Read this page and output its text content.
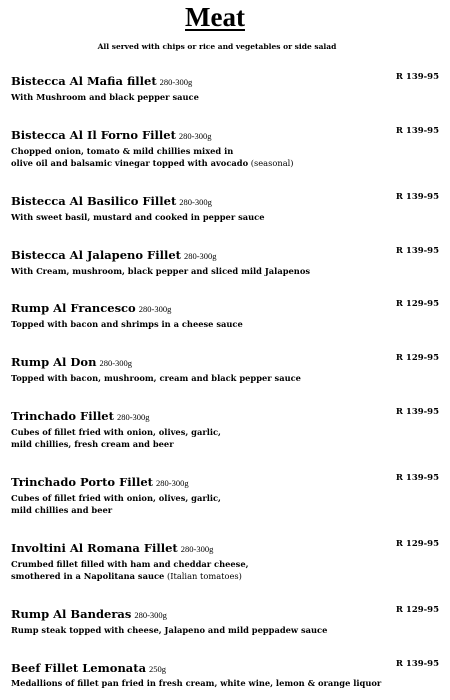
Meat

All served with chips or rice and vegetables or side salad

Bistecca Al Mafia fillet 280-300g	R 139-95
With Mushroom and black pepper sauce
Bistecca Al Il Forno Fillet 280-300g	R 139-95
Chopped onion, tomato & mild chillies mixed in
olive oil and balsamic vinegar topped with avocado (seasonal)
Bistecca Al Basilico Fillet 280-300g	R 139-95
With sweet basil, mustard and cooked in pepper sauce
Bistecca Al Jalapeno Fillet 280-300g	R 139-95
With Cream, mushroom, black pepper and sliced mild Jalapenos
Rump Al Francesco 280-300g	R 129-95
Topped with bacon and shrimps in a cheese sauce
Rump Al Don 280-300g	R 129-95
Topped with bacon, mushroom, cream and black pepper sauce
Trinchado Fillet 280-300g	R 139-95
Cubes of fillet fried with onion, olives, garlic,
mild chillies, fresh cream and beer
Trinchado Porto Fillet 280-300g	R 139-95
Cubes of fillet fried with onion, olives, garlic,
mild chillies and beer
Involtini Al Romana Fillet 280-300g	R 129-95
Crumbed fillet filled with ham and cheddar cheese,
smothered in a Napolitana sauce (Italian tomatoes)
Rump Al Banderas 280-300g	R 129-95
Rump steak topped with cheese, Jalapeno and mild peppadew sauce
Beef Fillet Lemonata 250g	R 139-95
Medallions of fillet pan fried in fresh cream, white wine, lemon & orange liquor
